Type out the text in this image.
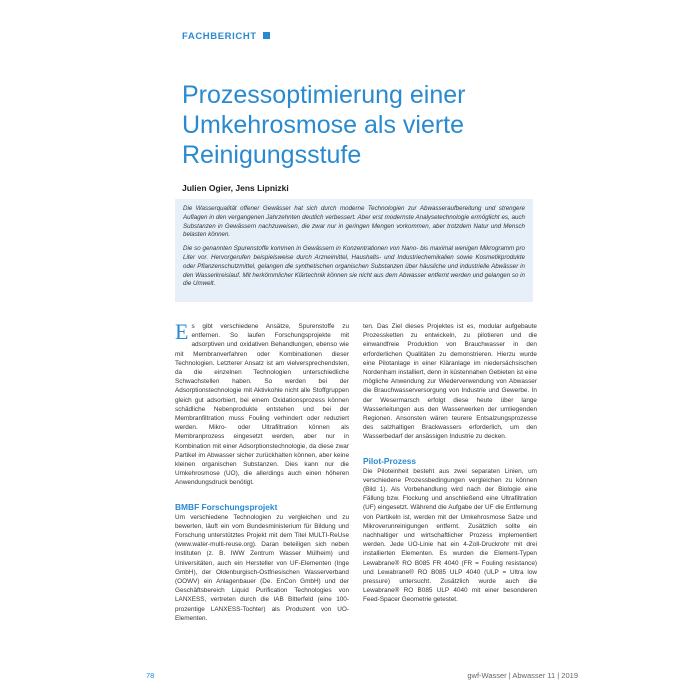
FACHBERICHT
Prozessoptimierung einer Umkehrosmose als vierte Reinigungsstufe
Julien Ogier, Jens Lipnizki

Die Wasserqualität offener Gewässer hat sich durch moderne Technologien zur Abwasseraufbereitung und strengere Auflagen in den vergangenen Jahrzehnten deutlich verbessert. Aber erst modernste Analysetechnologie ermöglicht es, auch Substanzen in Gewässern nachzuweisen, die zwar nur in geringen Mengen vorkommen, aber trotzdem Natur und Mensch belasten können.

Die so genannten Spurenstoffe kommen in Gewässern in Konzentrationen von Nano- bis maximal wenigen Mikrogramm pro Liter vor. Hervorgerufen beispielsweise durch Arzneimittel, Haushalts- und Industriechemikalien sowie Kosmetikprodukte oder Pflanzenschutzmittel, gelangen die synthetischen organischen Substanzen über häusliche und industrielle Abwässer in den Wasserkreislauf. Mit herkömmlicher Klärtechnik können sie nicht aus dem Abwasser entfernt werden und gelangen so in die Umwelt.

Es gibt verschiedene Ansätze, Spurenstoffe zu entfernen. So laufen Forschungsprojekte mit adsorptiven und oxidativen Behandlungen, ebenso wie mit Membranverfahren oder Kombinationen dieser Technologien. Letzterer Ansatz ist am vielversprechendsten, da die einzelnen Technologien unterschiedliche Schwachstellen haben. So werden bei der Adsorptionstechnologie mit Aktivkohle nicht alle Stoffgruppen gleich gut adsorbiert, bei einem Oxidationsprozess können schädliche Nebenprodukte entstehen und bei der Membranfiltration muss Fouling verhindert oder reduziert werden. Mikro- oder Ultrafiltration können als Membranprozess eingesetzt werden, aber nur in Kombination mit einer Adsorptionstechnologie, da diese zwar Partikel im Abwasser sicher zurückhalten können, aber keine kleinen organischen Substanzen. Dies kann nur die Umkehrosmose (UO), die allerdings auch einen höheren Anwendungsdruck benötigt.

BMBF Forschungsprojekt

Um verschiedene Technologien zu vergleichen und zu bewerten, läuft ein vom Bundesministerium für Bildung und Forschung unterstütztes Projekt mit dem Titel MULTI-ReUse (www.water-multi-reuse.org). Daran beteiligen sich neben Instituten (z. B. IWW Zentrum Wasser Mülheim) und Universitäten, auch ein Hersteller von UF-Elementen (Inge GmbH), der Oldenburgisch-Ostfriesischen Wasserverband (OOWV) ein Anlagenbauer (De. EnCon GmbH) und der Geschäftsbereich Liquid Purification Technologies von LANXESS, vertreten durch die IAB Bitterfeld (eine 100-prozentige LANXESS-Tochter) als Produzent von UO-Elementen.

ten. Das Ziel dieses Projektes ist es, modular aufgebaute Prozessketten zu entwickeln, zu pilotieren und die einwandfreie Produktion von Brauchwasser in den erforderlichen Qualitäten zu demonstrieren. Hierzu wurde eine Pilotanlage in einer Kläranlage im niedersächsischen Nordenham installiert, denn in küstennahen Gebieten ist eine mögliche Anwendung zur Wiederverwendung von Abwasser die Brauchwasserversorgung von Industrie und Gewerbe. In der Wesermarsch erfolgt diese heute über lange Wasserleitungen aus den Wasserwerken der umliegenden Regionen. Ansonsten wären teurere Entsalzungsprozesse des salzhaltigen Brackwassers erforderlich, um den Wasserbedarf der ansässigen Industrie zu decken.

Pilot-Prozess

Die Piloteinheit besteht aus zwei separaten Linien, um verschiedene Prozessbedingungen vergleichen zu können (Bild 1). Als Vorbehandlung wird nach der Biologie eine Fällung bzw. Flockung und anschließend eine Ultrafiltration (UF) eingesetzt. Während die Aufgabe der UF die Entfernung von Partikeln ist, werden mit der Umkehrosmose Salze und Mikroverunreinigungen entfernt. Zusätzlich sollte ein nachhaltiger und wirtschaftlicher Prozess implementiert werden. Jede UO-Linie hat ein 4-Zoll-Druckrohr mit drei installierten Elementen. Es wurden die Element-Typen Lewabrane® RO B085 FR 4040 (FR = Fouling resistance) und Lewabrane® RO B085 ULP 4040 (ULP = Ultra low pressure) untersucht. Zusätzlich wurde auch die Lewabrane® RO B085 ULP 4040 mit einer besonderen Feed-Spacer Geometrie getestet.

78	gwf-Wasser | Abwasser 11 | 2019
